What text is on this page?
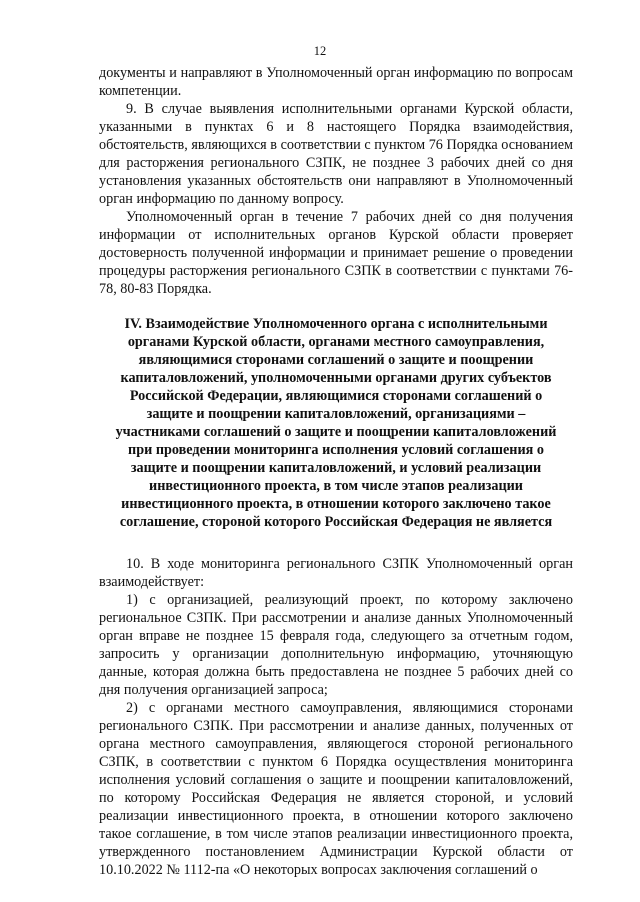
12

документы и направляют в Уполномоченный орган информацию по вопросам компетенции.

9. В случае выявления исполнительными органами Курской области, указанными в пунктах 6 и 8 настоящего Порядка взаимодействия, обстоятельств, являющихся в соответствии с пунктом 76 Порядка основанием для расторжения регионального СЗПК, не позднее 3 рабочих дней со дня установления указанных обстоятельств они направляют в Уполномоченный орган информацию по данному вопросу.

Уполномоченный орган в течение 7 рабочих дней со дня получения информации от исполнительных органов Курской области проверяет достоверность полученной информации и принимает решение о проведении процедуры расторжения регионального СЗПК в соответствии с пунктами 76-78, 80-83 Порядка.

IV. Взаимодействие Уполномоченного органа с исполнительными органами Курской области, органами местного самоуправления, являющимися сторонами соглашений о защите и поощрении капиталовложений, уполномоченными органами других субъектов Российской Федерации, являющимися сторонами соглашений о защите и поощрении капиталовложений, организациями – участниками соглашений о защите и поощрении капиталовложений при проведении мониторинга исполнения условий соглашения о защите и поощрении капиталовложений, и условий реализации инвестиционного проекта, в том числе этапов реализации инвестиционного проекта, в отношении которого заключено такое соглашение, стороной которого Российская Федерация не является

10. В ходе мониторинга регионального СЗПК Уполномоченный орган взаимодействует:

1) с организацией, реализующий проект, по которому заключено региональное СЗПК. При рассмотрении и анализе данных Уполномоченный орган вправе не позднее 15 февраля года, следующего за отчетным годом, запросить у организации дополнительную информацию, уточняющую данные, которая должна быть предоставлена не позднее 5 рабочих дней со дня получения организацией запроса;

2) с органами местного самоуправления, являющимися сторонами регионального СЗПК. При рассмотрении и анализе данных, полученных от органа местного самоуправления, являющегося стороной регионального СЗПК, в соответствии с пунктом 6 Порядка осуществления мониторинга исполнения условий соглашения о защите и поощрении капиталовложений, по которому Российская Федерация не является стороной, и условий реализации инвестиционного проекта, в отношении которого заключено такое соглашение, в том числе этапов реализации инвестиционного проекта, утвержденного постановлением Администрации Курской области от 10.10.2022 № 1112-па «О некоторых вопросах заключения соглашений о
